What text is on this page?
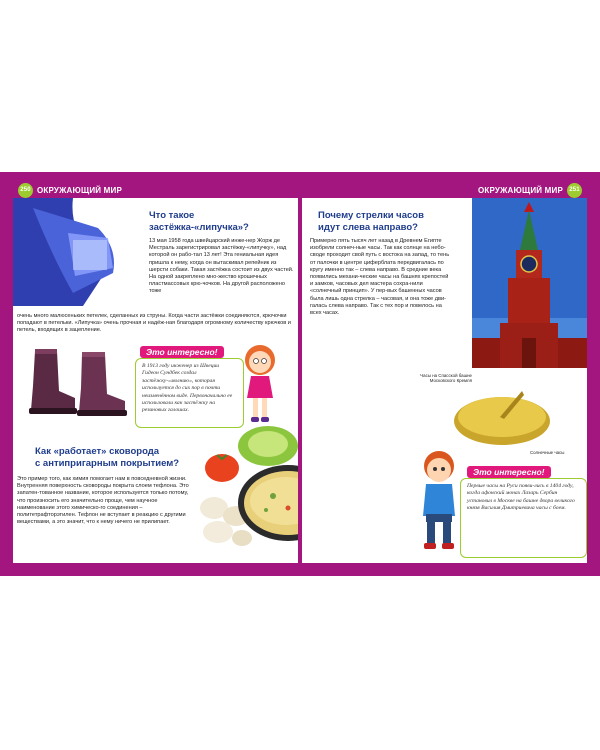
250 ОКРУЖАЮЩИЙ МИР	251
ОКРУЖАЮЩИЙ МИР
Что такое
застёжка-«липучка»?

13 мая 1958 года швейцарский инже-нер Жорж де Местраль зарегистрировал застёжку-«липучку», над которой он рабо-тал 13 лет! Эта гениальная идея пришла к нему, когда он вытаскивал репейник из шерсти собаки. Такая застёжка состоит из двух частей. На одной закреплено мно-жество крошечных пластмассовых крю-чочков. На другой расположено тоже

очень много малюсеньких петелек, сделанных из струны. Когда части застёжки соединяются, крючочки попадают в петельки. «Липучка» очень прочная и надёж-ная благодаря огромному количеству крючков и петель, входящих в зацепление.

Это интересно!

В 1913 году инженер из Швеции Гидеон Сундбек создал застёжку-«молнию», которая используется до сих пор в почти неизменённом виде. Первоначально ее использовали как застёжку на резиновых галошах.

Как «работает» сковорода
с антипригарным покрытием?

Это пример того, как химия помогает нам в повседневной жизни. Внутренняя поверхность сковороды покрыта слоем тефлона. Это запатен-тованное название, которое используется только потому, что произносить его значительно проще, чем научное наименование этого химическо-го соединения – политетрафторэтилен. Тефлон не вступает в реакцию с другими веществами, а это значит, что к нему ничего не прилипает.

Почему стрелки часов
идут слева направо?

Примерно пять тысяч лет назад в Древнем Египте изобрели солнеч-ные часы. Так как солнце на небо-своде проходит свой путь с востока на запад, то тень от палочки в центре циферблата передвигалась по кругу именно так – слева направо. В средние века появились механи-ческие часы на башнях крепостей и замков, часовых дел мастера сохра-нили «солнечный принцип». У пер-вых башенных часов была лишь одна стрелка – часовая, и она тоже дви-галась слева направо. Так с тех пор и повелось на всех часах.

Часы на Спасской башне Московского Кремля
Солнечные часы
Это интересно!

Первые часы на Руси появи-лись в 1404 году, когда афонский монах Лазарь Сербин установил в Москве на башне двора великого князя Василия Дмитриевича часы с боем.
